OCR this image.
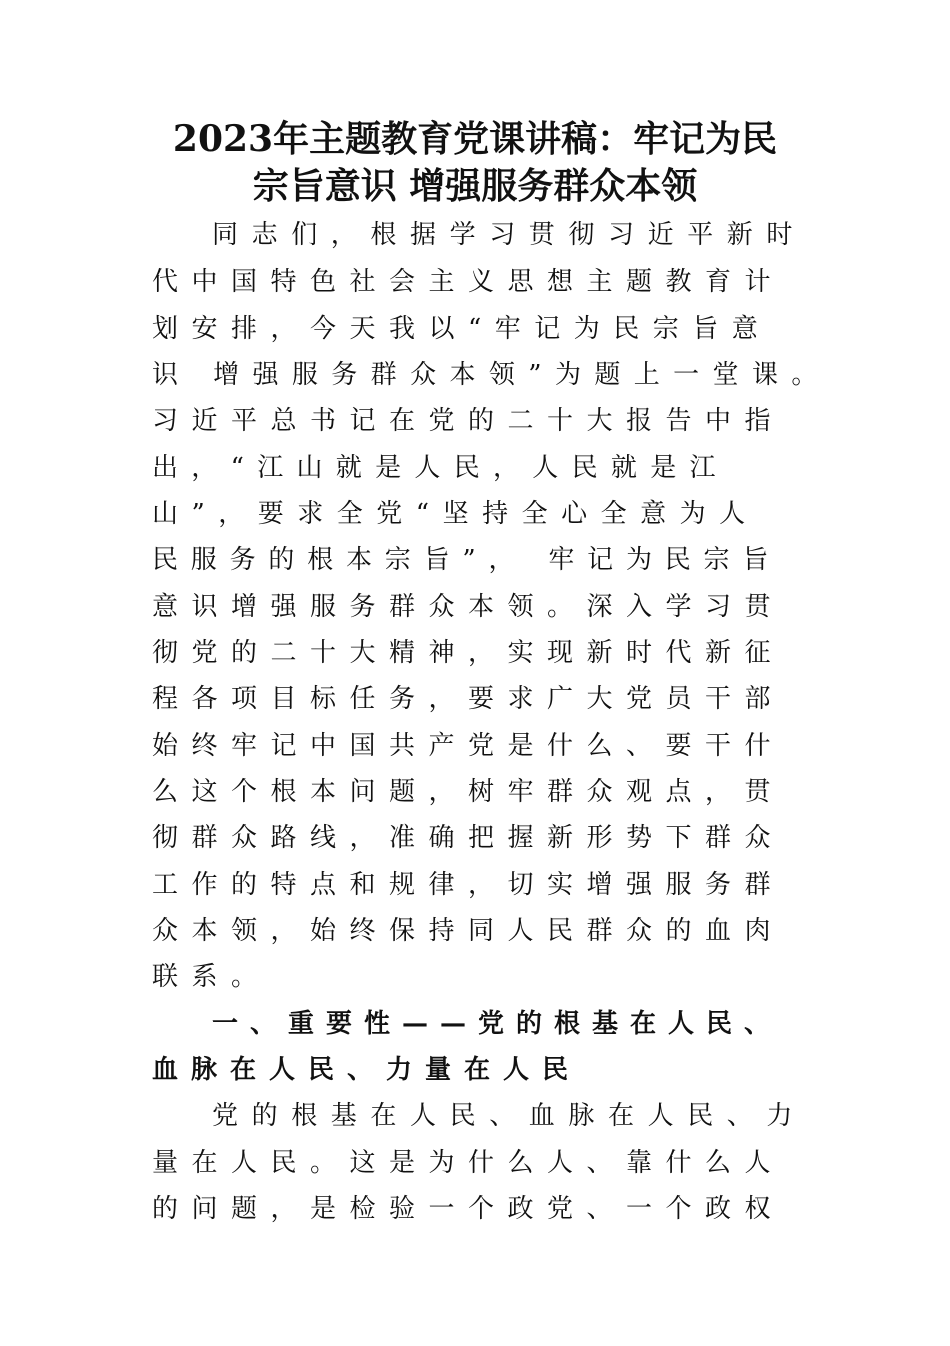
2023年主题教育党课讲稿：牢记为民
宗旨意识 增强服务群众本领

同志们，根据学习贯彻习近平新时

代中国特色社会主义思想主题教育计

划安排，今天我以“牢记为民宗旨意

识 增强服务群众本领”为题上一堂课。

习近平总书记在党的二十大报告中指

出，“江山就是人民，人民就是江

山”，要求全党“坚持全心全意为人

民服务的根本宗旨”， 牢记为民宗旨

意识增强服务群众本领。深入学习贯

彻党的二十大精神，实现新时代新征

程各项目标任务，要求广大党员干部

始终牢记中国共产党是什么、要干什

么这个根本问题，树牢群众观点，贯

彻群众路线，准确把握新形势下群众

工作的特点和规律，切实增强服务群

众本领，始终保持同人民群众的血肉

联系。

一、重要性——党的根基在人民、

血脉在人民、力量在人民

党的根基在人民、血脉在人民、力

量在人民。这是为什么人、靠什么人

的问题，是检验一个政党、一个政权
